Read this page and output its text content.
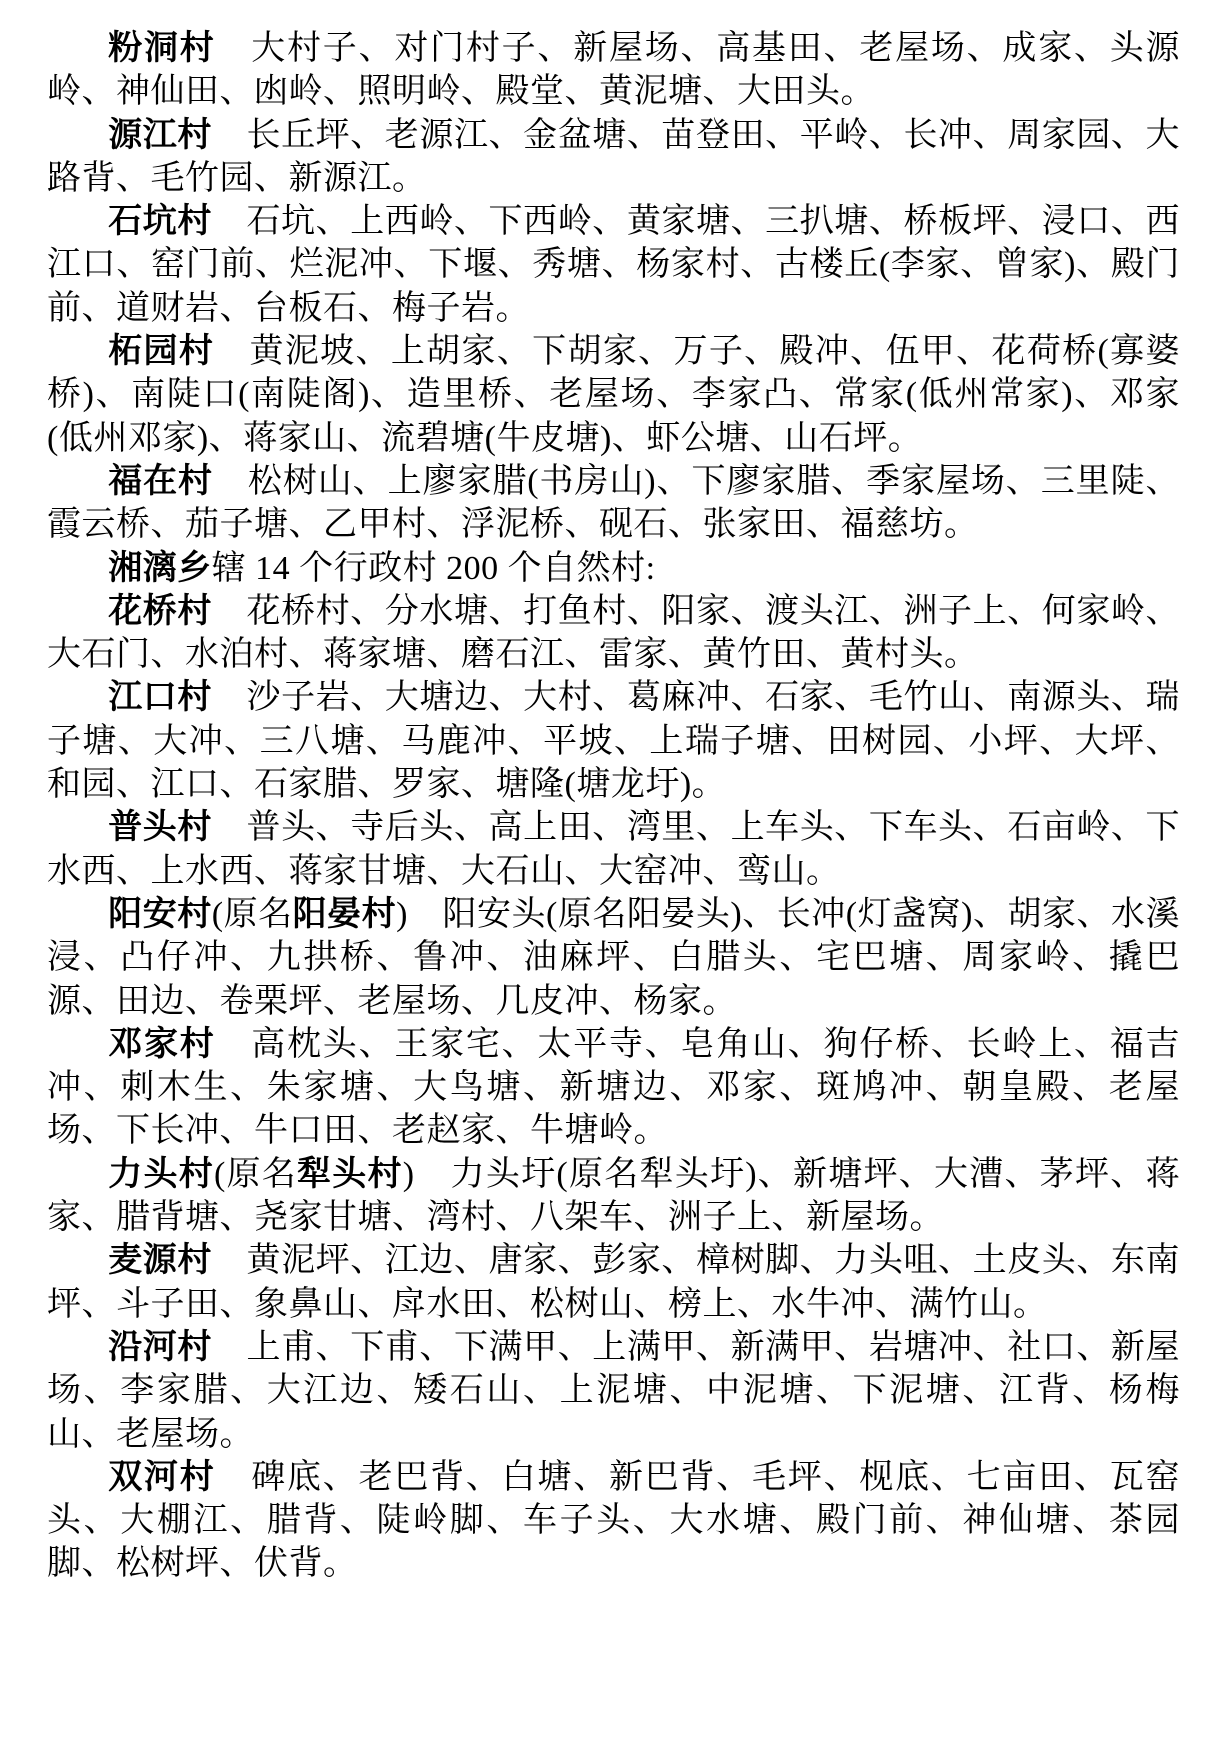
粉洞村　大村子、对门村子、新屋场、高基田、老屋场、成家、头源岭、神仙田、凼岭、照明岭、殿堂、黄泥塘、大田头。

源江村　长丘坪、老源江、金盆塘、苗登田、平岭、长冲、周家园、大路背、毛竹园、新源江。

石坑村　石坑、上西岭、下西岭、黄家塘、三扒塘、桥板坪、浸口、西江口、窑门前、烂泥冲、下堰、秀塘、杨家村、古楼丘(李家、曾家)、殿门前、道财岩、台板石、梅子岩。

柘园村　黄泥坡、上胡家、下胡家、万子、殿冲、伍甲、花荷桥(寡婆桥)、南陡口(南陡阁)、造里桥、老屋场、李家凸、常家(低州常家)、邓家(低州邓家)、蒋家山、流碧塘(牛皮塘)、虾公塘、山石坪。

福在村　松树山、上廖家腊(书房山)、下廖家腊、季家屋场、三里陡、霞云桥、茄子塘、乙甲村、浮泥桥、砚石、张家田、福慈坊。

湘漓乡辖 14 个行政村 200 个自然村:

花桥村　花桥村、分水塘、打鱼村、阳家、渡头江、洲子上、何家岭、大石门、水泊村、蒋家塘、磨石江、雷家、黄竹田、黄村头。

江口村　沙子岩、大塘边、大村、葛麻冲、石家、毛竹山、南源头、瑞子塘、大冲、三八塘、马鹿冲、平坡、上瑞子塘、田树园、小坪、大坪、和园、江口、石家腊、罗家、塘隆(塘龙圩)。

普头村　普头、寺后头、高上田、湾里、上车头、下车头、石亩岭、下水西、上水西、蒋家甘塘、大石山、大窑冲、鸾山。

阳安村(原名阳晏村)　阳安头(原名阳晏头)、长冲(灯盏窝)、胡家、水溪浸、凸仔冲、九拱桥、鲁冲、油麻坪、白腊头、宅巴塘、周家岭、撬巴源、田边、卷栗坪、老屋场、几皮冲、杨家。

邓家村　高枕头、王家宅、太平寺、皂角山、狗仔桥、长岭上、福吉冲、刺木生、朱家塘、大鸟塘、新塘边、邓家、斑鸠冲、朝皇殿、老屋场、下长冲、牛口田、老赵家、牛塘岭。

力头村(原名犁头村)　力头圩(原名犁头圩)、新塘坪、大漕、茅坪、蒋家、腊背塘、尧家甘塘、湾村、八架车、洲子上、新屋场。

麦源村　黄泥坪、江边、唐家、彭家、樟树脚、力头咀、土皮头、东南坪、斗子田、象鼻山、戽水田、松树山、榜上、水牛冲、满竹山。

沿河村　上甫、下甫、下满甲、上满甲、新满甲、岩塘冲、社口、新屋场、李家腊、大江边、矮石山、上泥塘、中泥塘、下泥塘、江背、杨梅山、老屋场。

双河村　碑底、老巴背、白塘、新巴背、毛坪、枧底、七亩田、瓦窑头、大棚江、腊背、陡岭脚、车子头、大水塘、殿门前、神仙塘、茶园脚、松树坪、伏背。
